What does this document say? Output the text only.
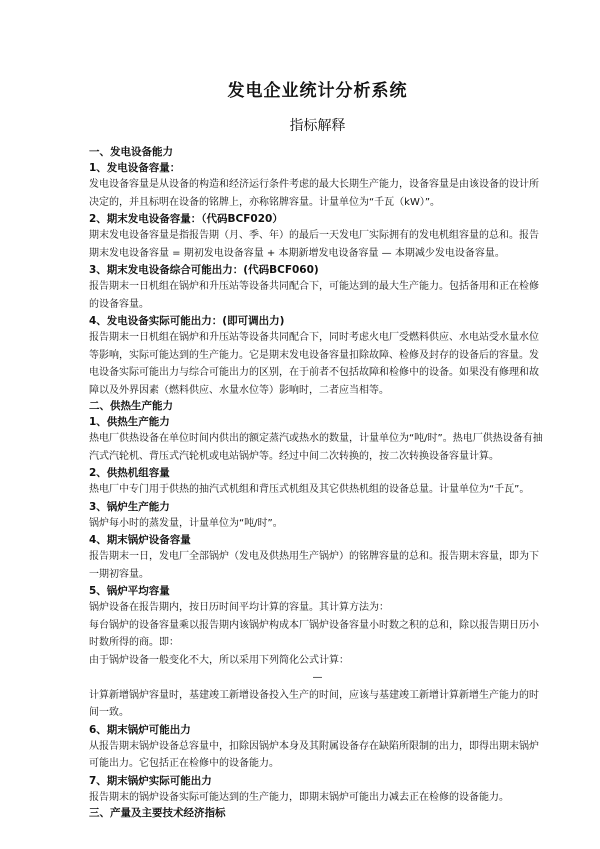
发电企业统计分析系统
指标解释
一、发电设备能力
1、发电设备容量：
发电设备容量是从设备的构造和经济运行条件考虑的最大长期生产能力，设备容量是由该设备的设计所决定的，并且标明在设备的铭牌上，亦称铭牌容量。计量单位为“千瓦（kW）”。
2、期末发电设备容量：（代码BCF020）
期末发电设备容量是指报告期（月、季、年）的最后一天发电厂实际拥有的发电机组容量的总和。报告期末发电设备容量 = 期初发电设备容量 + 本期新增发电设备容量 — 本期减少发电设备容量。
3、期末发电设备综合可能出力：(代码BCF060)
报告期末一日机组在锅炉和升压站等设备共同配合下，可能达到的最大生产能力。包括备用和正在检修的设备容量。
4、发电设备实际可能出力：(即可调出力)
报告期末一日机组在锅炉和升压站等设备共同配合下，同时考虑火电厂受燃料供应、水电站受水量水位等影响，实际可能达到的生产能力。它是期末发电设备容量扣除故障、检修及封存的设备后的容量。发电设备实际可能出力与综合可能出力的区别，在于前者不包括故障和检修中的设备。如果没有修理和故障以及外界因素（燃料供应、水量水位等）影响时，二者应当相等。
二、供热生产能力
1、供热生产能力
热电厂供热设备在单位时间内供出的额定蒸汽或热水的数量，计量单位为“吨/时”。热电厂供热设备有抽汽式汽轮机、背压式汽轮机或电站锅炉等。经过中间二次转换的，按二次转换设备容量计算。
2、供热机组容量
热电厂中专门用于供热的抽汽式机组和背压式机组及其它供热机组的设备总量。计量单位为“千瓦”。
3、锅炉生产能力
锅炉每小时的蒸发量，计量单位为“吨/时”。
4、期末锅炉设备容量
报告期末一日，发电厂全部锅炉（发电及供热用生产锅炉）的铭牌容量的总和。报告期末容量，即为下一期初容量。
5、锅炉平均容量
锅炉设备在报告期内，按日历时间平均计算的容量。其计算方法为：
每台锅炉的设备容量乘以报告期内该锅炉构成本厂锅炉设备容量小时数之积的总和，除以报告期日历小时数所得的商。即：
由于锅炉设备一般变化不大，所以采用下列简化公式计算：
—
计算新增锅炉容量时，基建竣工新增设备投入生产的时间，应该与基建竣工新增计算新增生产能力的时间一致。
6、期末锅炉可能出力
从报告期末锅炉设备总容量中，扣除因锅炉本身及其附属设备存在缺陷所限制的出力，即得出期末锅炉可能出力。它包括正在检修中的设备能力。
7、期末锅炉实际可能出力
报告期末的锅炉设备实际可能达到的生产能力，即期末锅炉可能出力减去正在检修的设备能力。
三、产量及主要技术经济指标
